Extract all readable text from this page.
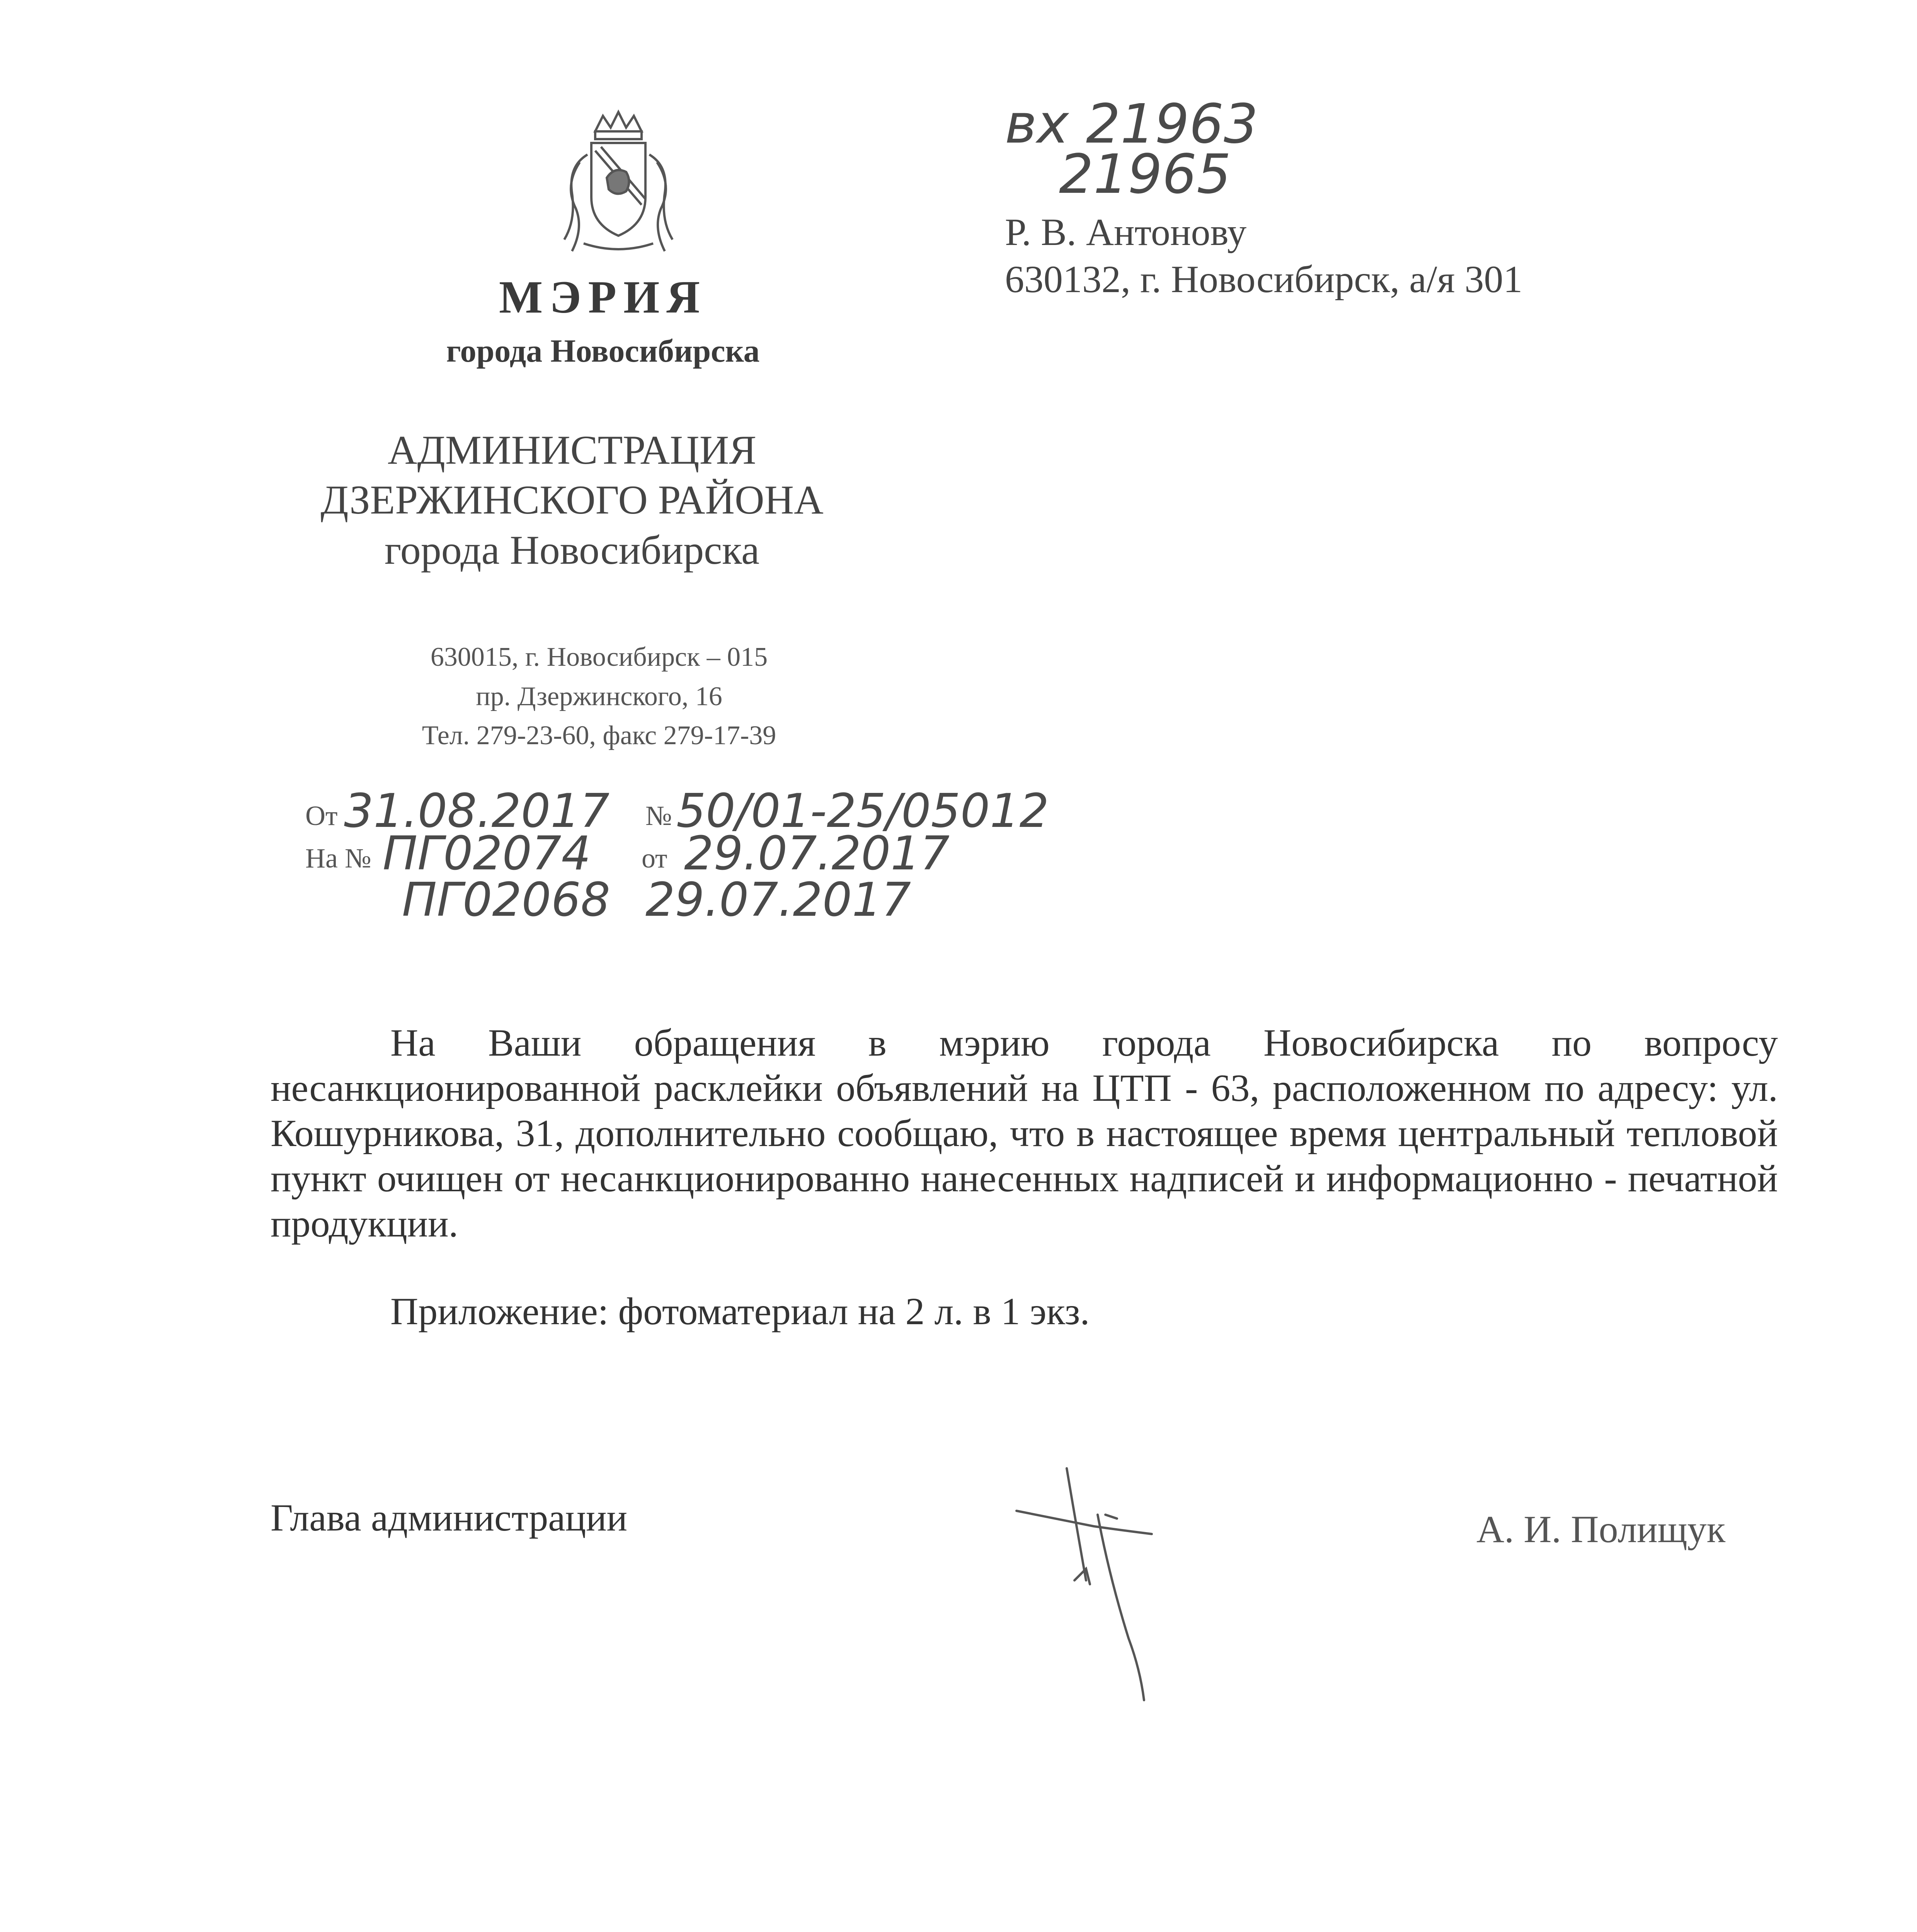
МЭРИЯ
города Новосибирска
АДМИНИСТРАЦИЯ
ДЗЕРЖИНСКОГО РАЙОНА
города Новосибирска
630015, г. Новосибирск – 015
пр. Дзержинского, 16
Тел. 279-23-60, факс 279-17-39
От 31.08.2017 № 50/01-25/05012
На № ПГ02074 от 29.07.2017
ПГ02068 29.07.2017
вх 21963
21965
Р. В. Антонову
630132, г. Новосибирск, а/я 301

На Ваши обращения в мэрию города Новосибирска по вопросу несанкционированной расклейки объявлений на ЦТП - 63, расположенном по адресу: ул. Кошурникова, 31, дополнительно сообщаю, что в настоящее время центральный тепловой пункт очищен от несанкционированно нанесенных надписей и информационно - печатной продукции.

Приложение: фотоматериал на 2 л. в 1 экз.
Глава администрации	А. И. Полищук
